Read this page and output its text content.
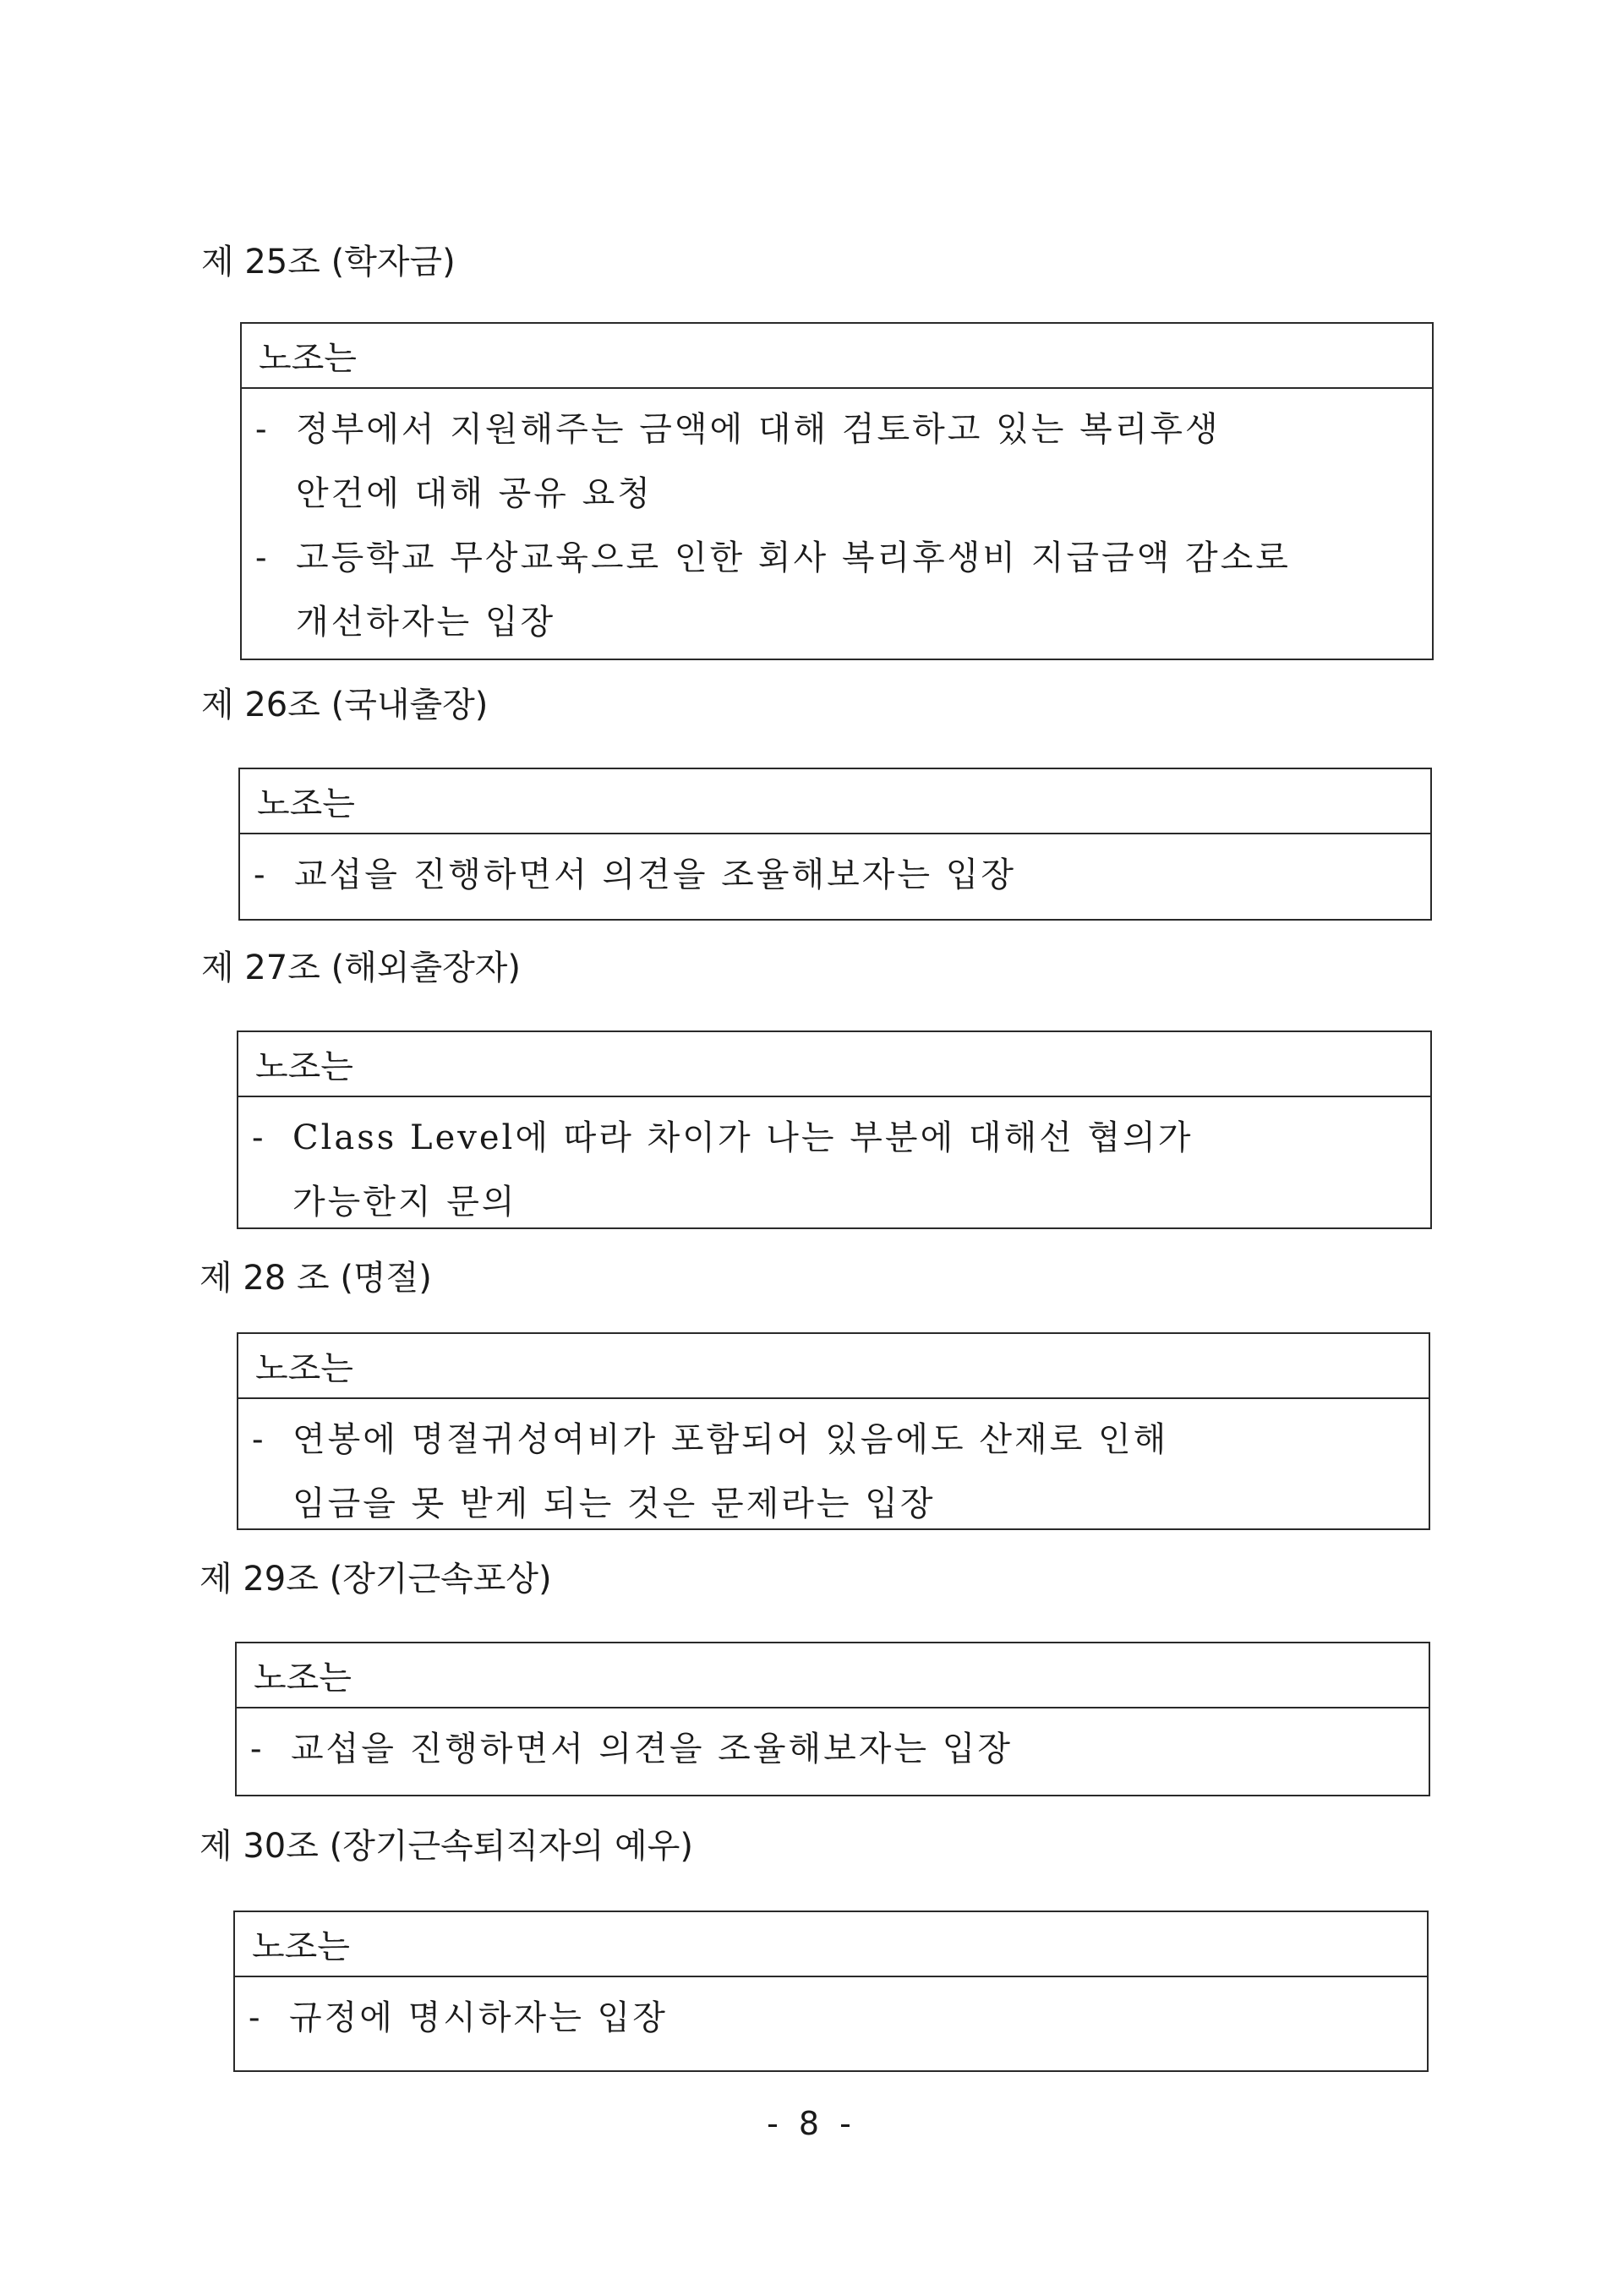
제 25조 (학자금)
노조는
- 정부에서 지원해주는 금액에 대해 검토하고 있는 복리후생
안건에 대해 공유 요청
- 고등학교 무상교육으로 인한 회사 복리후생비 지급금액 감소로
개선하자는 입장
제 26조 (국내출장)
노조는
- 교섭을 진행하면서 의견을 조율해보자는 입장
제 27조 (해외출장자)
노조는
- Class Level에 따라 차이가 나는 부분에 대해선 협의가
가능한지 문의
제 28 조 (명절)
노조는
- 연봉에 명절귀성여비가 포함되어 있음에도 산재로 인해
임금을 못 받게 되는 것은 문제라는 입장
제 29조 (장기근속포상)
노조는
- 교섭을 진행하면서 의견을 조율해보자는 입장
제 30조 (장기근속퇴직자의 예우)
노조는
- 규정에 명시하자는 입장
- 8 -
